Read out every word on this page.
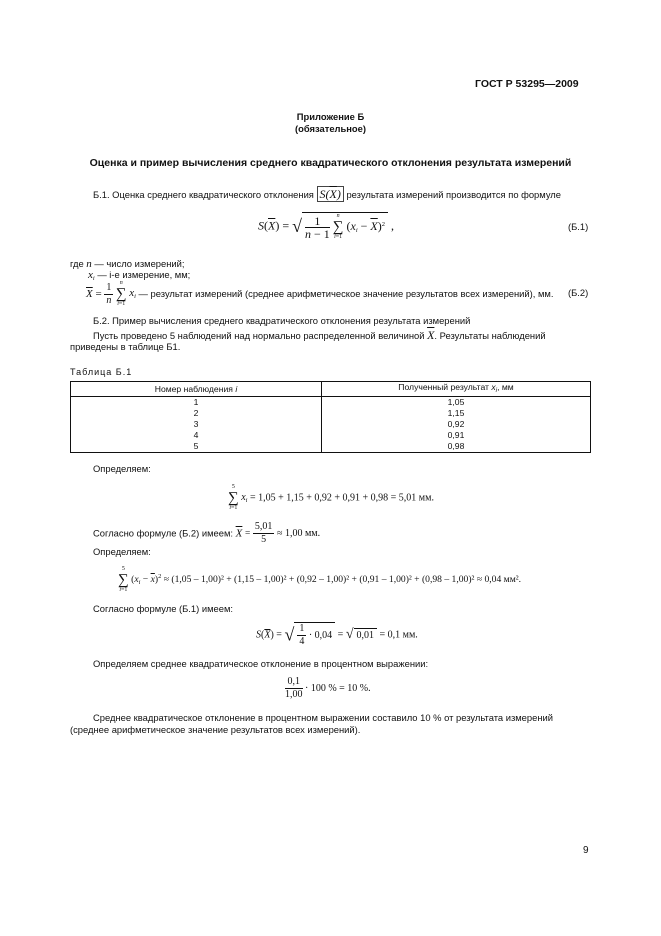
ГОСТ Р 53295—2009
Приложение Б
(обязательное)
Оценка и пример вычисления среднего квадратического отклонения результата измерений
Б.1. Оценка среднего квадратического отклонения $S(\overline{X})$ результата измерений производится по формуле
$S(\overline{X})$ = √ $\frac{1}{n - 1}$
	n
∑
i=1
$(x_i - \overline{X})^2$ ,	(Б.1)
где n — число измерений;
$x_i$ — i-е измерение, мм;
$\overline{X} = \frac{1}{n}$
	n
∑
i=1
$x_i$ — результат измерений (среднее арифметическое значение результатов всех измерений), мм. (Б.2)
Б.2. Пример вычисления среднего квадратического отклонения результата измерений
Пусть проведено 5 наблюдений над нормально распределенной величиной $\overline{X}$. Результаты наблюдений
приведены в таблице Б1.
Таблица Б.1
Номер наблюдения i	Полученный результат $x_i$, мм
1	1,05
2	1,15
3	0,92
4	0,91
5	0,98
Определяем:
5
∑
i=1
$x_i = 1,05 + 1,15 + 0,92 + 0,91 + 0,98 = 5,01$ мм.
Согласно формуле (Б.2) имеем: $\overline{X} = \frac{5,01}{5} \approx 1,00$ мм.
Определяем:
5
∑
i=1
$(x_i - \overline{x})^2 \approx (1,05 - 1,00)^2 + (1,15 - 1,00)^2 + (0,92 - 1,00)^2 + (0,91 - 1,00)^2 + (0,98 - 1,00)^2 \approx 0,04$ мм².
Согласно формуле (Б.1) имеем:
$S(\overline{X})$ = √ $\frac{1}{4} \cdot 0,04$ = √ 0,01 = 0,1 мм.
Определяем среднее квадратическое отклонение в процентном выражении:
$\frac{0,1}{1,00} \cdot 100$ % = 10 %.
Среднее квадратическое отклонение в процентном выражении составило 10 % от результата измерений
(среднее арифметическое значение результатов всех измерений).
9
